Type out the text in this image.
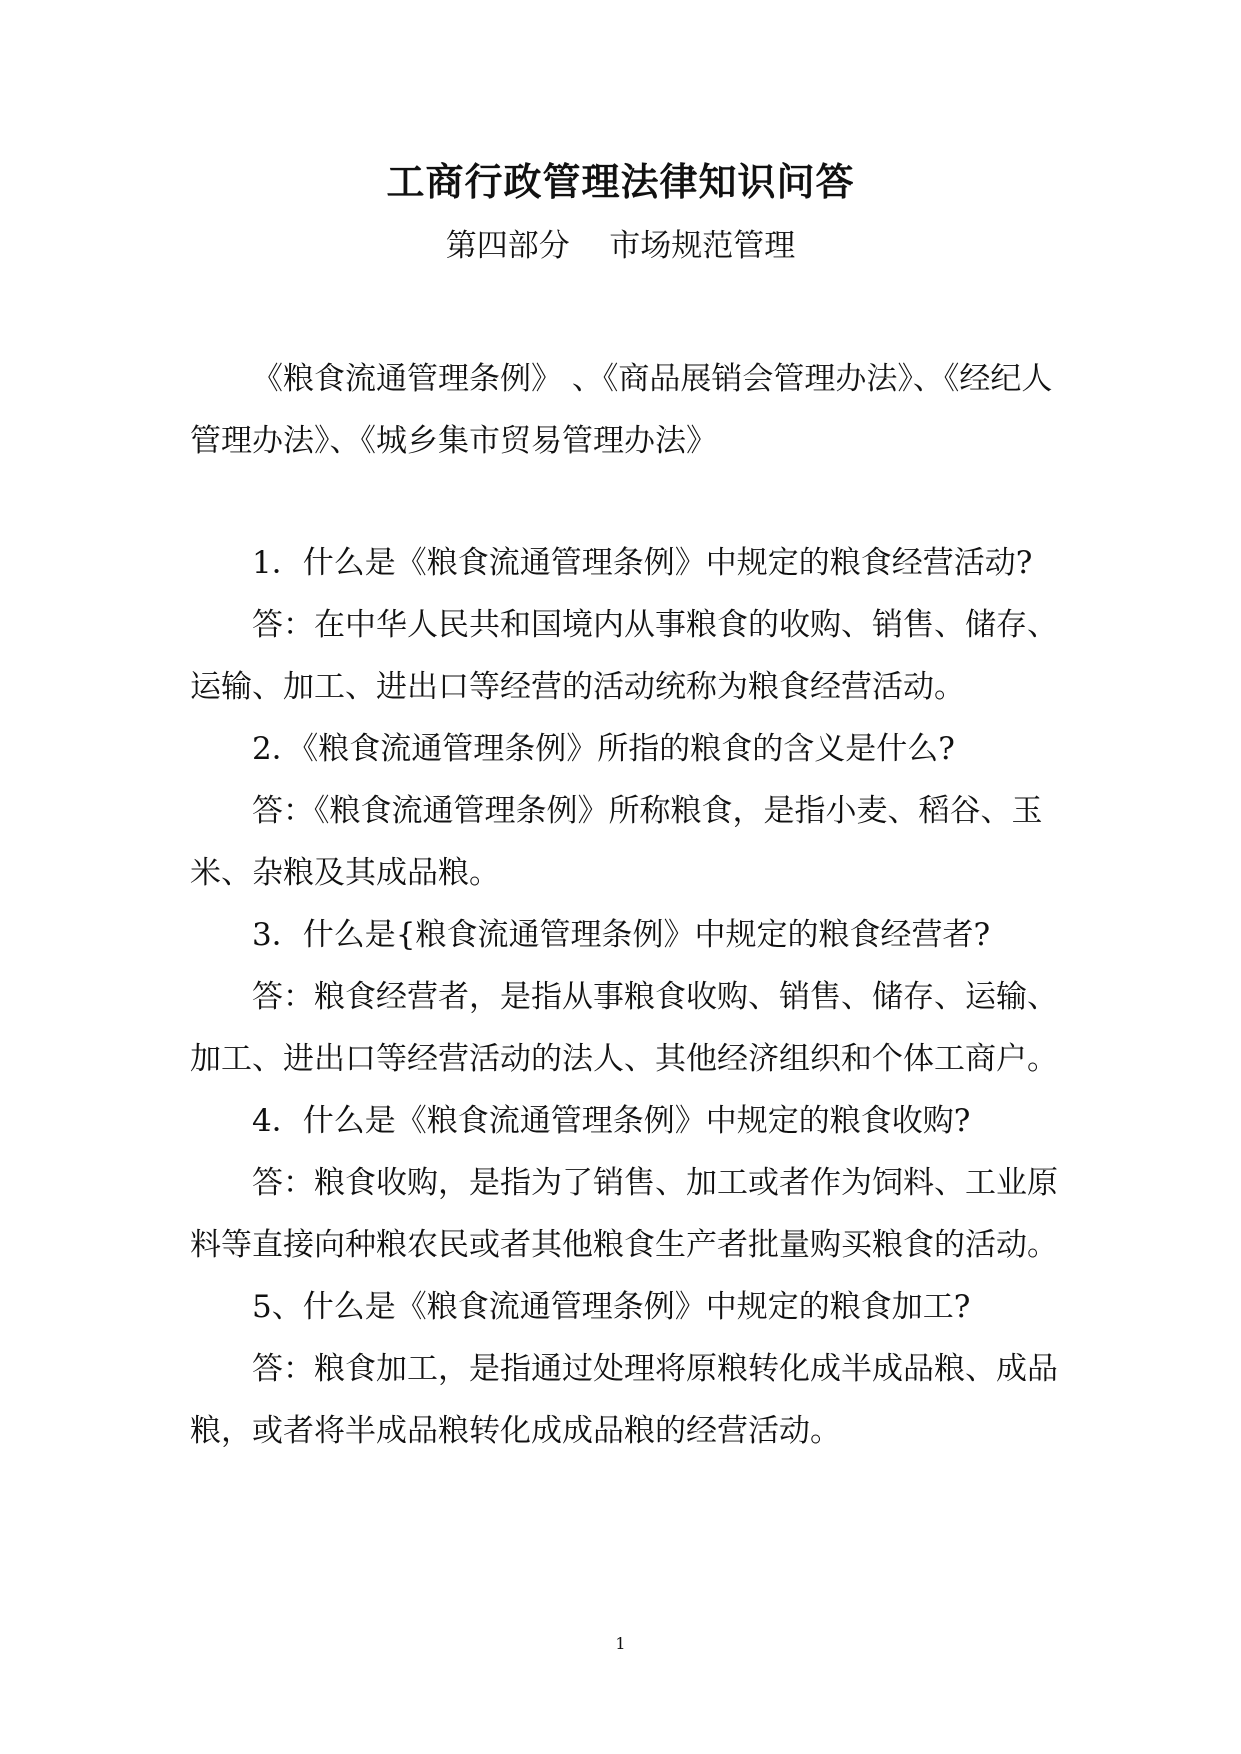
工商行政管理法律知识问答
第四部分    市场规范管理

《粮食流通管理条例》 、《商品展销会管理办法》、《经纪人管理办法》、《城乡集市贸易管理办法》

1．什么是《粮食流通管理条例》中规定的粮食经营活动?

答：在中华人民共和国境内从事粮食的收购、销售、储存、运输、加工、进出口等经营的活动统称为粮食经营活动。

2．《粮食流通管理条例》所指的粮食的含义是什么?

答：《粮食流通管理条例》所称粮食，是指小麦、稻谷、玉米、杂粮及其成品粮。

3．什么是{粮食流通管理条例》中规定的粮食经营者?

答：粮食经营者，是指从事粮食收购、销售、储存、运输、加工、进出口等经营活动的法人、其他经济组织和个体工商户。

4．什么是《粮食流通管理条例》中规定的粮食收购?

答：粮食收购，是指为了销售、加工或者作为饲料、工业原料等直接向种粮农民或者其他粮食生产者批量购买粮食的活动。

5、什么是《粮食流通管理条例》中规定的粮食加工?

答：粮食加工，是指通过处理将原粮转化成半成品粮、成品粮，或者将半成品粮转化成成品粮的经营活动。

1
